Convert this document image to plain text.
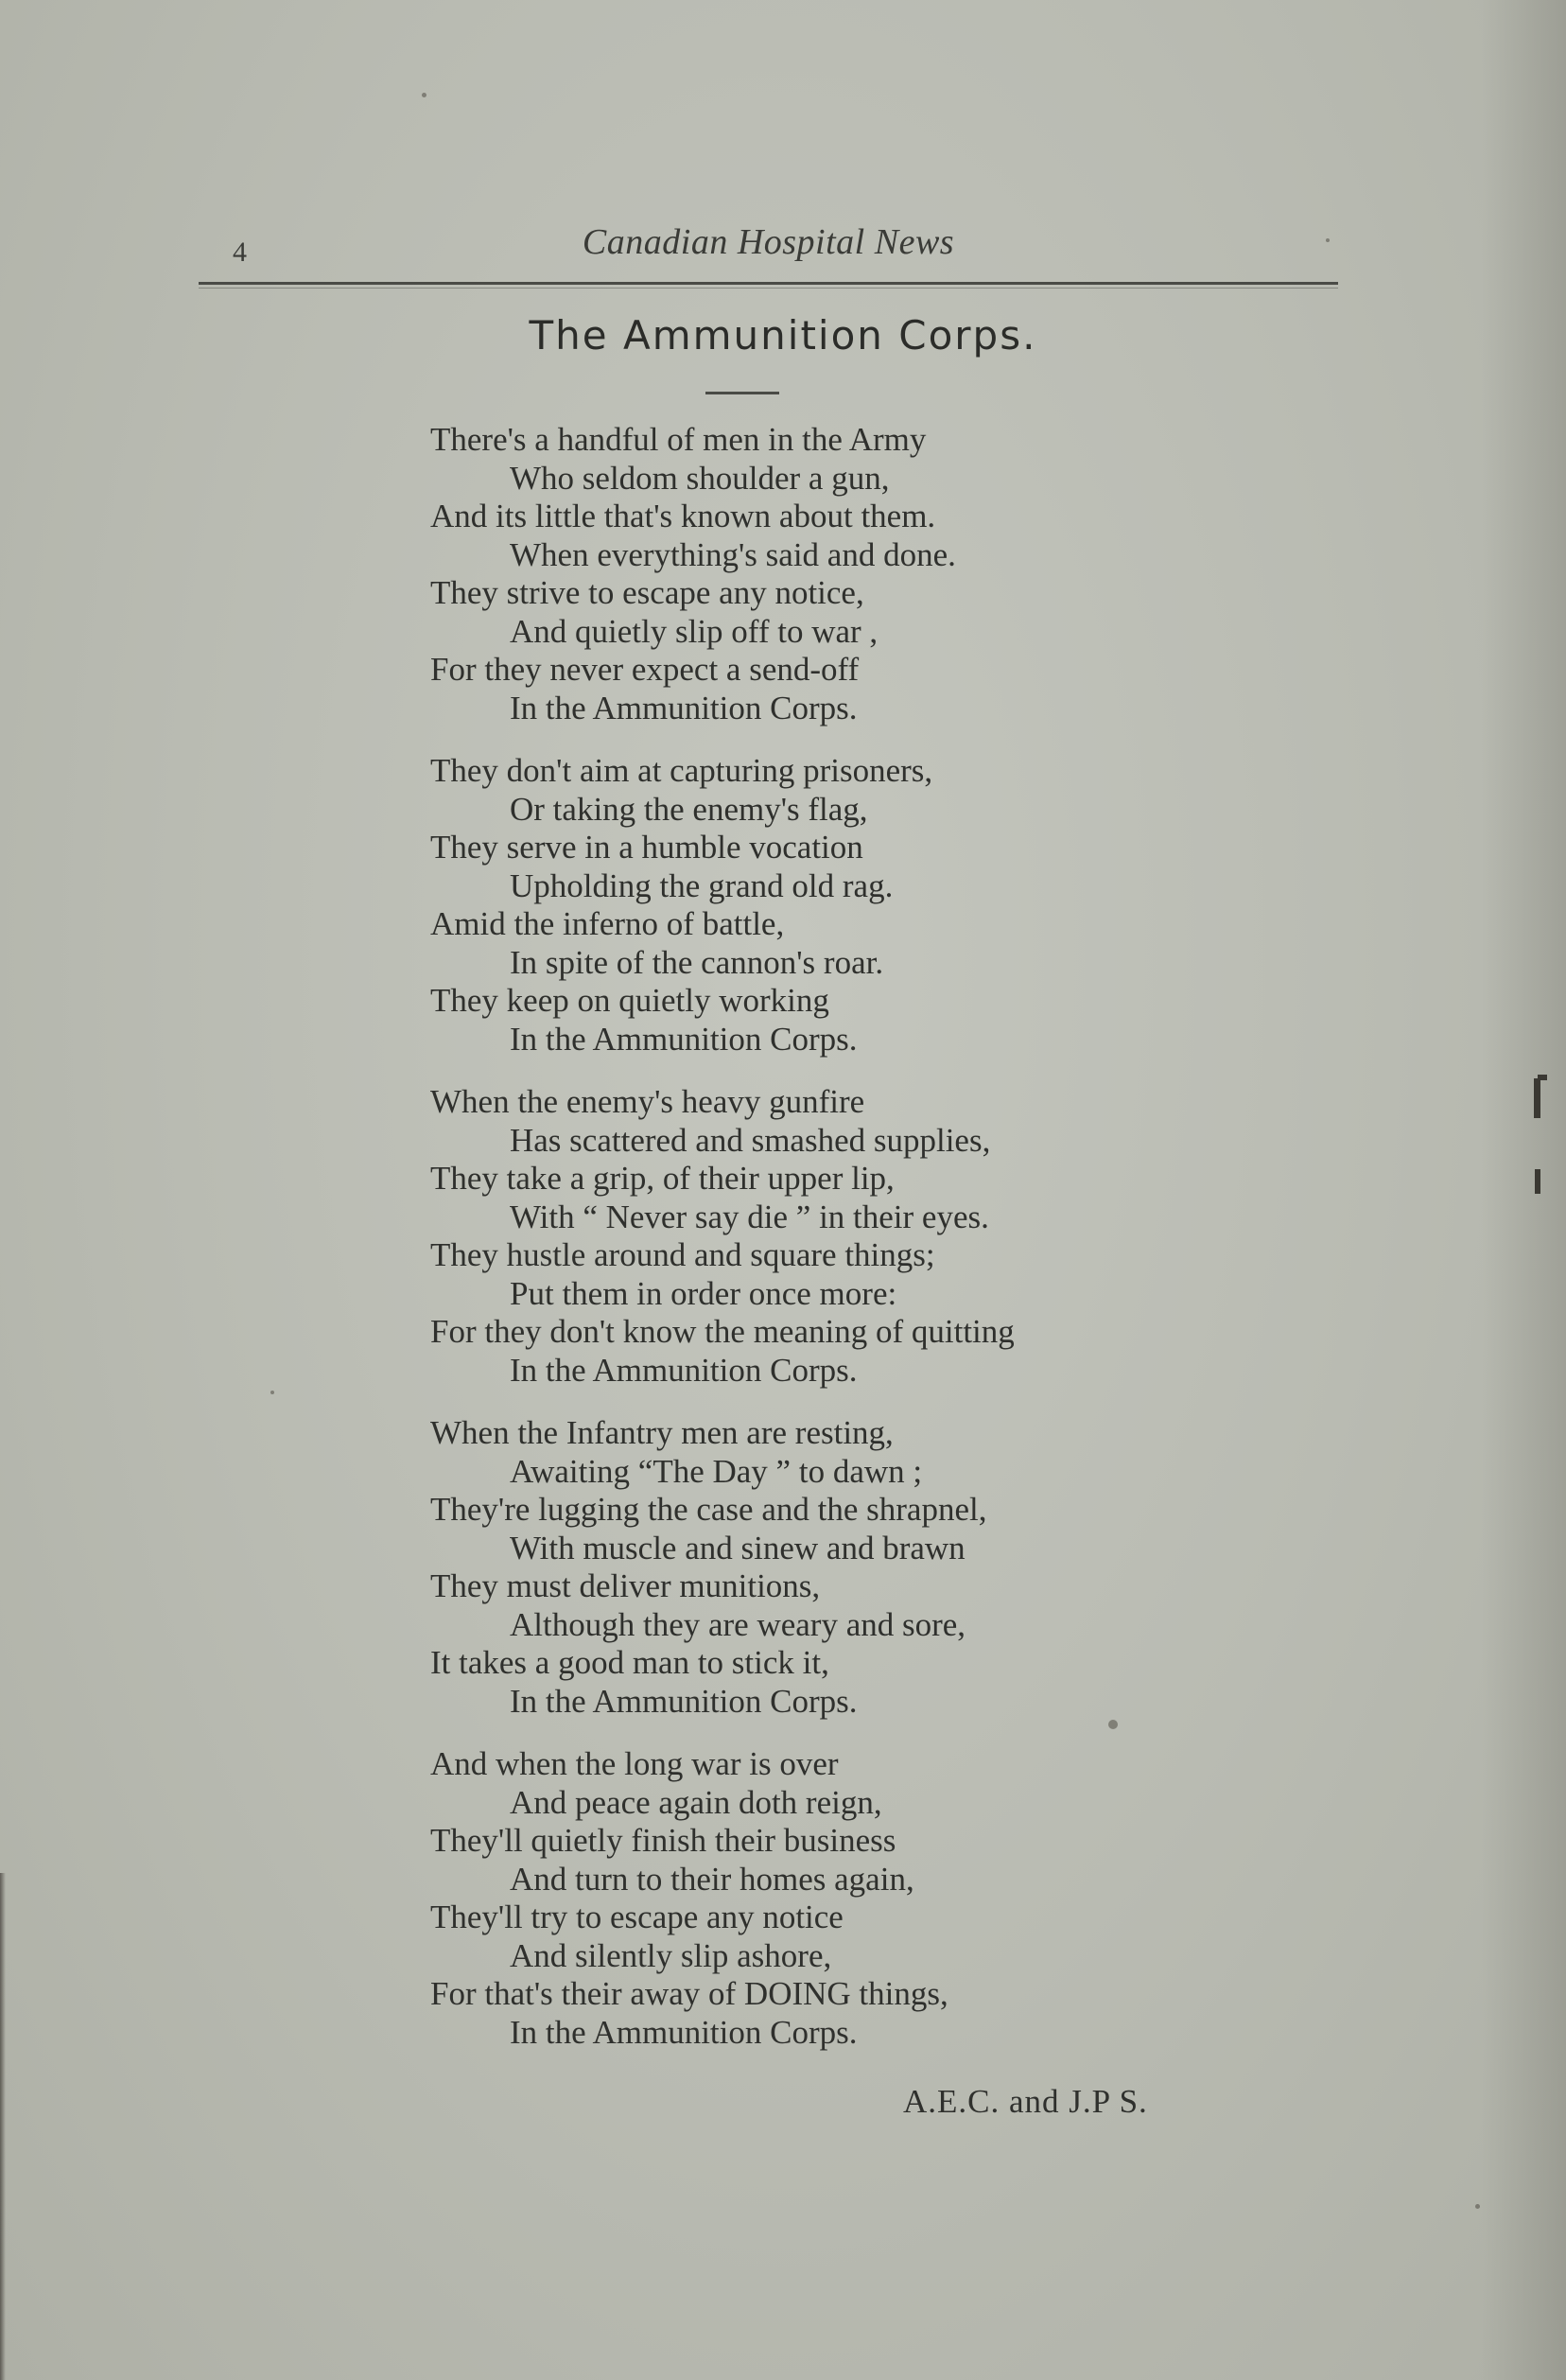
4	Canadian Hospital News
The Ammunition Corps.
There's a handful of men in the Army
Who seldom shoulder a gun,
And its little that's known about them.
When everything's said and done.
They strive to escape any notice,
And quietly slip off to war ,
For they never expect a send-off
In the Ammunition Corps.
They don't aim at capturing prisoners,
Or taking the enemy's flag,
They serve in a humble vocation
Upholding the grand old rag.
Amid the inferno of battle,
In spite of the cannon's roar.
They keep on quietly working
In the Ammunition Corps.
When the enemy's heavy gunfire
Has scattered and smashed supplies,
They take a grip, of their upper lip,
With “ Never say die ” in their eyes.
They hustle around and square things;
Put them in order once more:
For they don't know the meaning of quitting
In the Ammunition Corps.
When the Infantry men are resting,
Awaiting “The Day ” to dawn ;
They're lugging the case and the shrapnel,
With muscle and sinew and brawn
They must deliver munitions,
Although they are weary and sore,
It takes a good man to stick it,
In the Ammunition Corps.
And when the long war is over
And peace again doth reign,
They'll quietly finish their business
And turn to their homes again,
They'll try to escape any notice
And silently slip ashore,
For that's their away of DOING things,
In the Ammunition Corps.
A.E.C. and J.P S.
